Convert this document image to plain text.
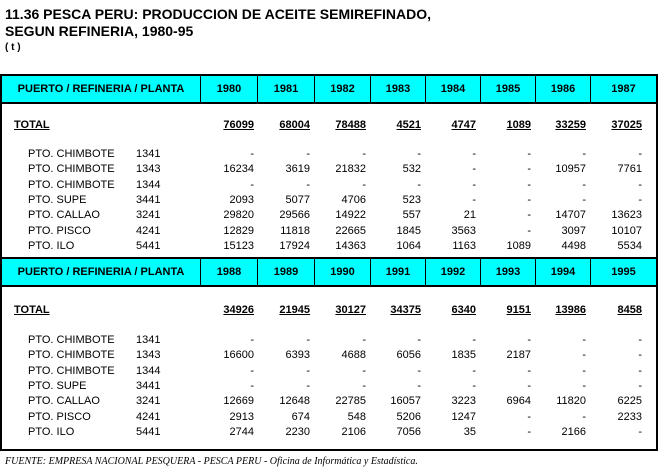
11.36 PESCA PERU: PRODUCCION DE ACEITE SEMIREFINADO,
SEGUN REFINERIA, 1980-95
( t )
PUERTO / REFINERIA / PLANTA	1980	1981	1982	1983	1984	1985	1986	1987
TOTAL	76099	68004	78488	4521	4747	1089	33259	37025
PTO. CHIMBOTE 1341	-	-	-	-	-	-	-	-
PTO. CHIMBOTE 1343	16234	3619	21832	532	-	-	10957	7761
PTO. CHIMBOTE 1344	-	-	-	-	-	-	-	-
PTO. SUPE	3441	2093	5077	4706	523	-	-	-	-
PTO. CALLAO	3241	29820	29566	14922	557	21	-	14707	13623
PTO. PISCO	4241	12829	11818	22665	1845	3563	-	3097	10107
PTO. ILO	5441	15123	17924	14363	1064	1163	1089	4498	5534
PUERTO / REFINERIA / PLANTA	1988	1989	1990	1991	1992	1993	1994	1995
TOTAL	34926	21945	30127	34375	6340	9151	13986	8458
PTO. CHIMBOTE 1341	-	-	-	-	-	-	-	-
PTO. CHIMBOTE 1343	16600	6393	4688	6056	1835	2187	-	-
PTO. CHIMBOTE 1344	-	-	-	-	-	-	-	-
PTO. SUPE	3441	-	-	-	-	-	-	-	-
PTO. CALLAO	3241	12669	12648	22785	16057	3223	6964	11820	6225
PTO. PISCO	4241	2913	674	548	5206	1247	-	-	2233
PTO. ILO	5441	2744	2230	2106	7056	35	-	2166	-
FUENTE: EMPRESA NACIONAL PESQUERA - PESCA PERU - Oficina de Informática y Estadística.
